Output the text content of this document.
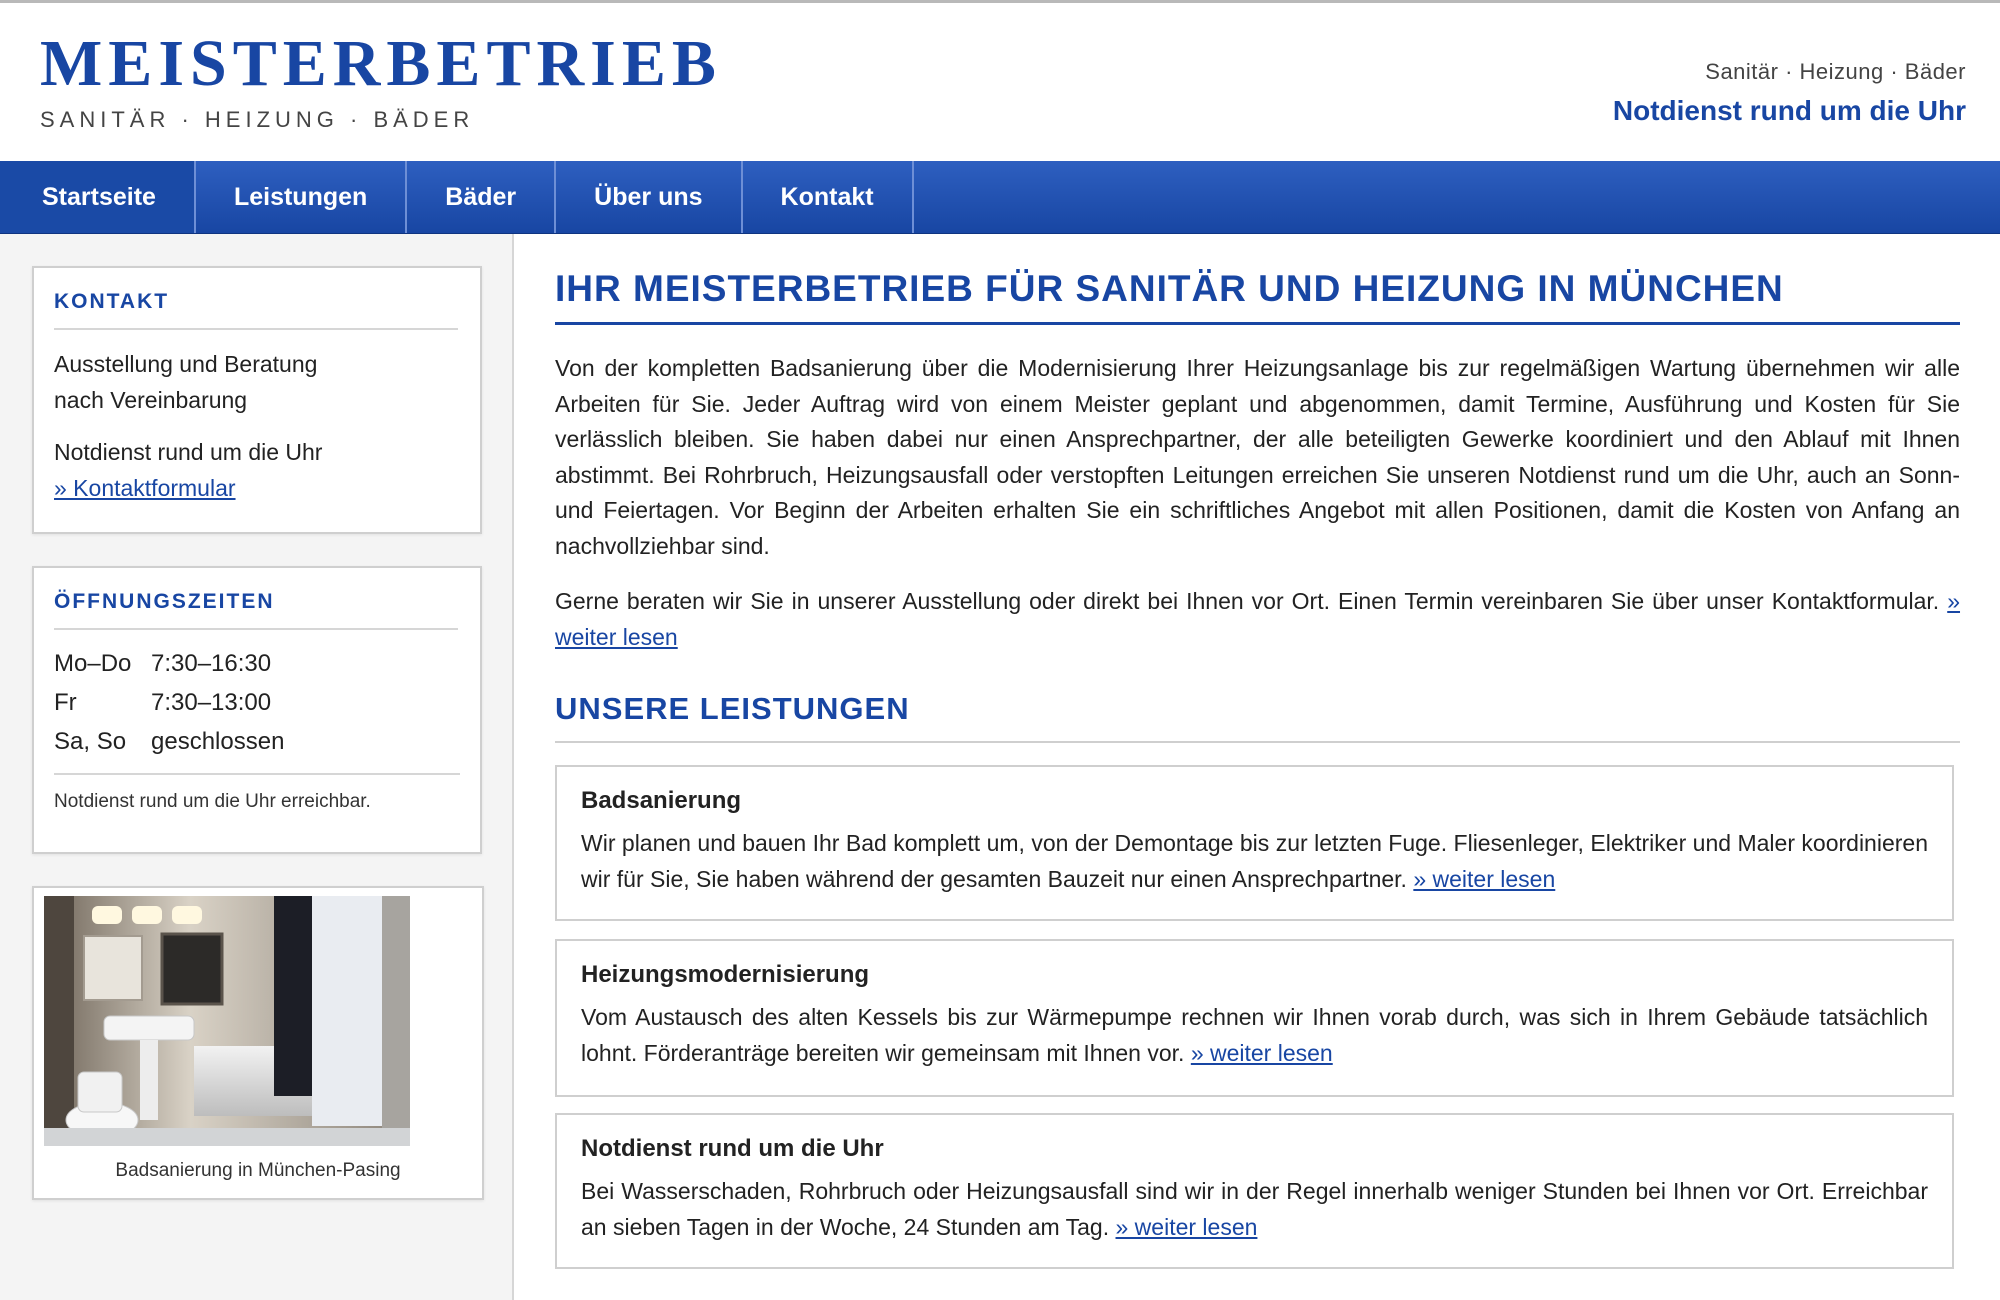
MEISTERBETRIEB
SANITÄR · HEIZUNG · BÄDER
Sanitär · Heizung · Bäder
Notdienst rund um die Uhr
Startseite	Leistungen	Bäder	Über uns	Kontakt
KONTAKT
Ausstellung und Beratung
nach Vereinbarung
Notdienst rund um die Uhr
» Kontaktformular
ÖFFNUNGSZEITEN
Mo–Do 7:30–16:30
Fr	7:30–13:00
Sa, So	geschlossen
Notdienst rund um die Uhr erreichbar.
Badsanierung in München-Pasing
IHR MEISTERBETRIEB FÜR SANITÄR UND HEIZUNG IN MÜNCHEN
Von der kompletten Badsanierung über die Modernisierung Ihrer Heizungsanlage bis zur regelmäßigen Wartung übernehmen wir alle Arbeiten für Sie. Jeder Auftrag wird von einem Meister geplant und abgenommen, damit Termine, Ausführung und Kosten für Sie verlässlich bleiben. Sie haben dabei nur einen Ansprechpartner, der alle beteiligten Gewerke koordiniert und den Ablauf mit Ihnen abstimmt. Bei Rohrbruch, Heizungsausfall oder verstopften Leitungen erreichen Sie unseren Notdienst rund um die Uhr, auch an Sonn- und Feiertagen. Vor Beginn der Arbeiten erhalten Sie ein schriftliches Angebot mit allen Positionen, damit die Kosten von Anfang an nachvollziehbar sind.
Gerne beraten wir Sie in unserer Ausstellung oder direkt bei Ihnen vor Ort. Einen Termin vereinbaren Sie über unser Kontaktformular. » weiter lesen
UNSERE LEISTUNGEN
Badsanierung
Wir planen und bauen Ihr Bad komplett um, von der Demontage bis zur letzten Fuge. Fliesenleger, Elektriker und Maler koordinieren wir für Sie, Sie haben während der gesamten Bauzeit nur einen Ansprechpartner. » weiter lesen
Heizungsmodernisierung
Vom Austausch des alten Kessels bis zur Wärmepumpe rechnen wir Ihnen vorab durch, was sich in Ihrem Gebäude tatsächlich lohnt. Förderanträge bereiten wir gemeinsam mit Ihnen vor. » weiter lesen
Notdienst rund um die Uhr
Bei Wasserschaden, Rohrbruch oder Heizungsausfall sind wir in der Regel innerhalb weniger Stunden bei Ihnen vor Ort. Erreichbar an sieben Tagen in der Woche, 24 Stunden am Tag. » weiter lesen
